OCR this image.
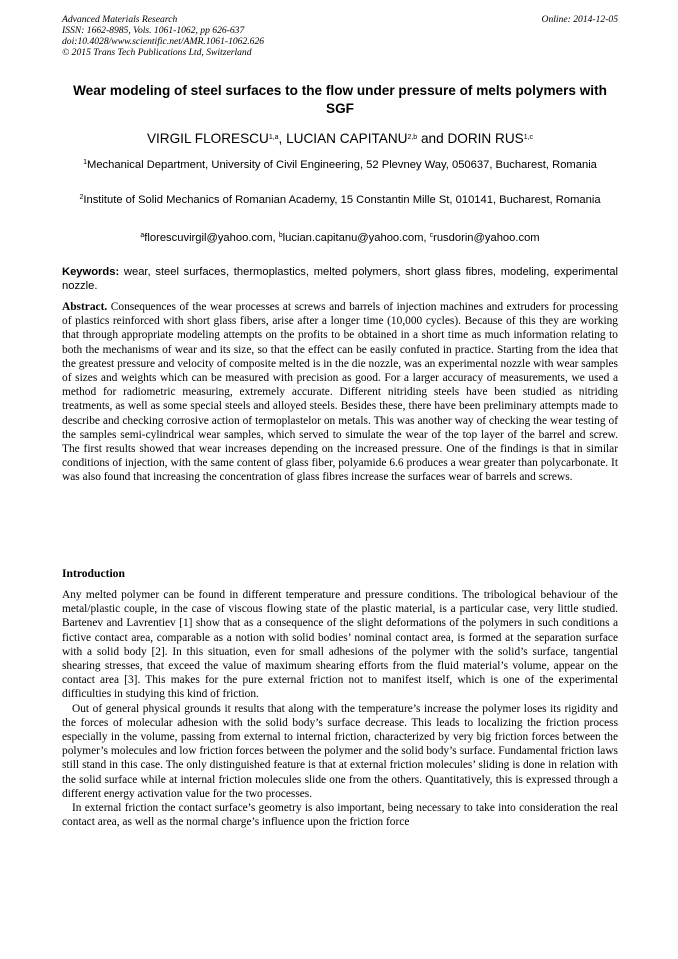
Advanced Materials Research
ISSN: 1662-8985, Vols. 1061-1062, pp 626-637
doi:10.4028/www.scientific.net/AMR.1061-1062.626
© 2015 Trans Tech Publications Ltd, Switzerland
Online: 2014-12-05
Wear modeling of steel surfaces to the flow under pressure of melts polymers with SGF
VIRGIL FLORESCU$^{1,a}$, LUCIAN CAPITANU$^{2,b}$ and DORIN RUS$^{1,c}$
$^1$Mechanical Department, University of Civil Engineering, 52 Plevney Way, 050637, Bucharest, Romania
$^2$Institute of Solid Mechanics of Romanian Academy, 15 Constantin Mille St, 010141, Bucharest, Romania
$^a$florescuvirgil@yahoo.com, $^b$lucian.capitanu@yahoo.com, $^c$rusdorin@yahoo.com
Keywords: wear, steel surfaces, thermoplastics, melted polymers, short glass fibres, modeling, experimental nozzle.
Abstract. Consequences of the wear processes at screws and barrels of injection machines and extruders for processing of plastics reinforced with short glass fibers, arise after a longer time (10,000 cycles). Because of this they are working that through appropriate modeling attempts on the profits to be obtained in a short time as much information relating to both the mechanisms of wear and its size, so that the effect can be easily confuted in practice. Starting from the idea that the greatest pressure and velocity of composite melted is in the die nozzle, was an experimental nozzle with wear samples of sizes and weights which can be measured with precision as good. For a larger accuracy of measurements, we used a method for radiometric measuring, extremely accurate. Different nitriding steels have been studied as nitriding treatments, as well as some special steels and alloyed steels. Besides these, there have been preliminary attempts made to describe and checking corrosive action of termoplastelor on metals. This was another way of checking the wear testing of the samples semi-cylindrical wear samples, which served to simulate the wear of the top layer of the barrel and screw. The first results showed that wear increases depending on the increased pressure. One of the findings is that in similar conditions of injection, with the same content of glass fiber, polyamide 6.6 produces a wear greater than polycarbonate. It was also found that increasing the concentration of glass fibres increase the surfaces wear of barrels and screws.
Introduction

Any melted polymer can be found in different temperature and pressure conditions. The tribological behaviour of the metal/plastic couple, in the case of viscous flowing state of the plastic material, is a particular case, very little studied. Bartenev and Lavrentiev [1] show that as a consequence of the slight deformations of the polymers in such conditions a fictive contact area, comparable as a notion with solid bodies’ nominal contact area, is formed at the separation surface with a solid body [2]. In this situation, even for small adhesions of the polymer with the solid’s surface, tangential shearing stresses, that exceed the value of maximum shearing efforts from the fluid material’s volume, appear on the contact area [3]. This makes for the pure external friction not to manifest itself, which is one of the experimental difficulties in studying this kind of friction.

Out of general physical grounds it results that along with the temperature’s increase the polymer loses its rigidity and the forces of molecular adhesion with the solid body’s surface decrease. This leads to localizing the friction process especially in the volume, passing from external to internal friction, characterized by very big friction forces between the polymer’s molecules and low friction forces between the polymer and the solid body’s surface. Fundamental friction laws still stand in this case. The only distinguished feature is that at external friction molecules’ sliding is done in relation with the solid surface while at internal friction molecules slide one from the others. Quantitatively, this is expressed through a different energy activation value for the two processes.

In external friction the contact surface’s geometry is also important, being necessary to take into consideration the real contact area, as well as the normal charge’s influence upon the friction force
